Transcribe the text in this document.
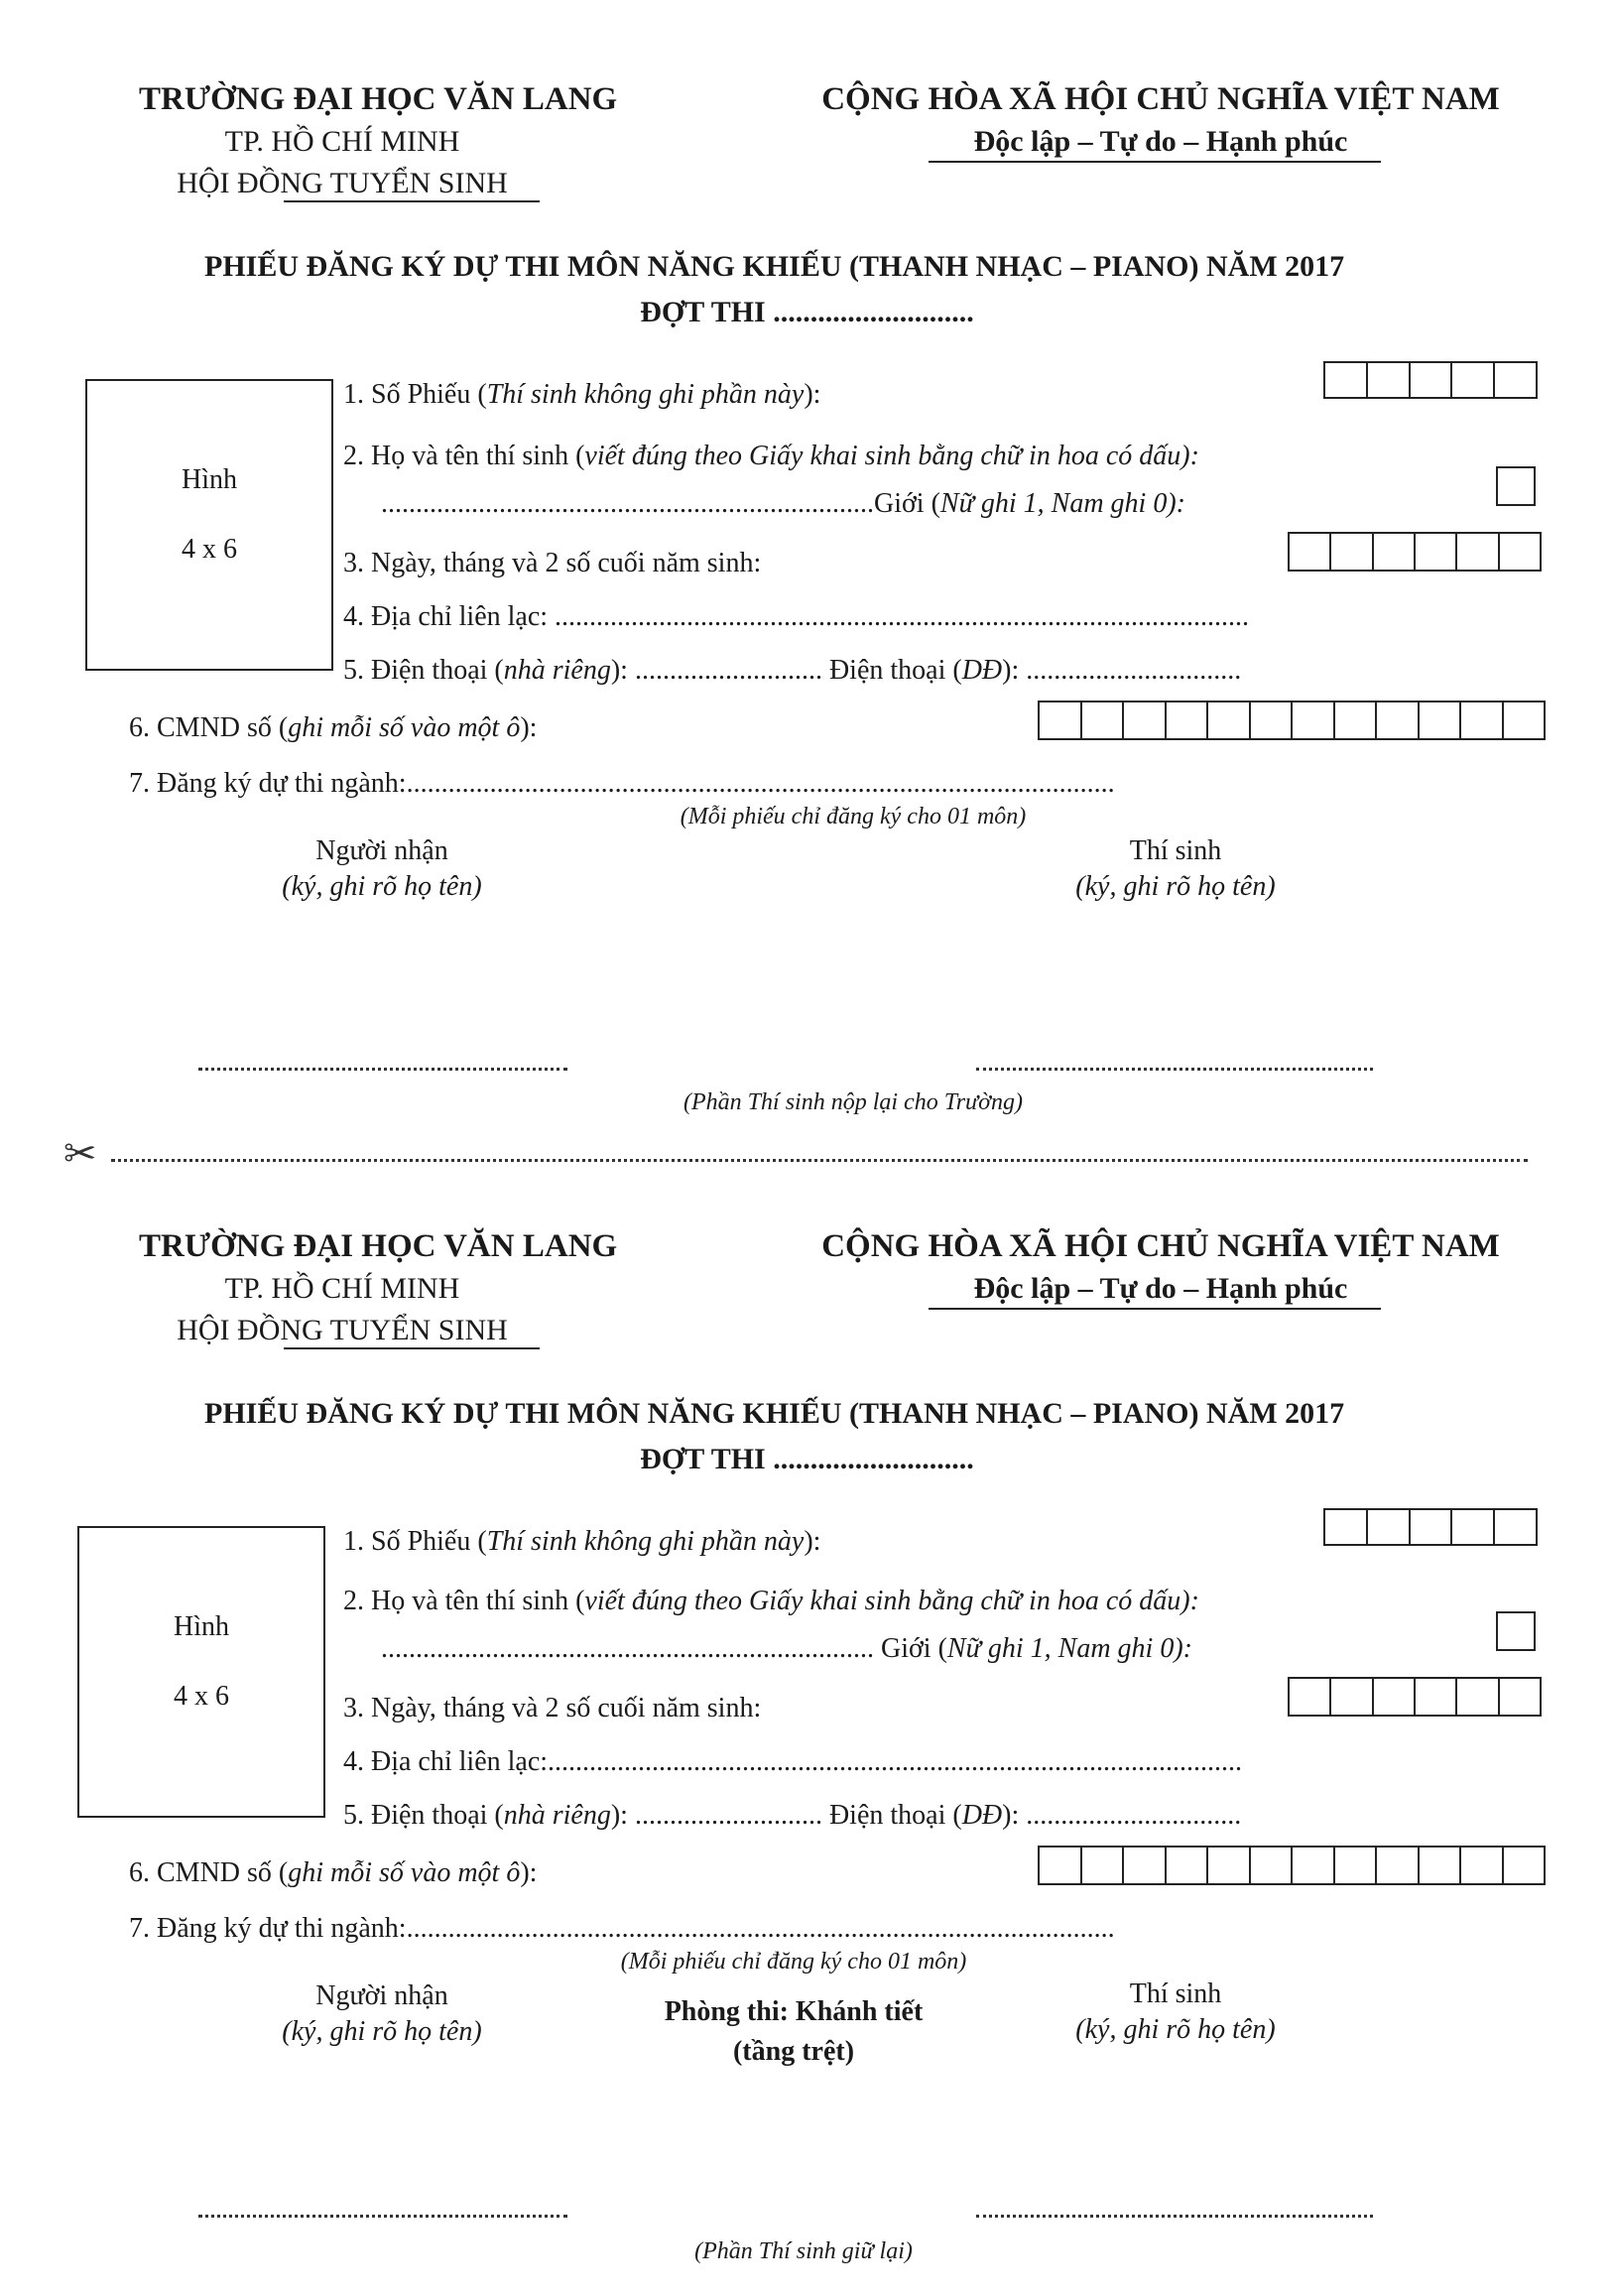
TRƯỜNG ĐẠI HỌC VĂN LANG
TP. HỒ CHÍ MINH
HỘI ĐỒNG TUYỂN SINH
CỘNG HÒA XÃ HỘI CHỦ NGHĨA VIỆT NAM
Độc lập – Tự do – Hạnh phúc
PHIẾU ĐĂNG KÝ DỰ THI MÔN NĂNG KHIẾU (THANH NHẠC – PIANO) NĂM 2017
ĐỢT THI ...........................
Hình
4 x 6
1. Số Phiếu (Thí sinh không ghi phần này):
2. Họ và tên thí sinh (viết đúng theo Giấy khai sinh bằng chữ in hoa có dấu):
.......................................................................Giới (Nữ ghi 1, Nam ghi 0):
3. Ngày, tháng và 2 số cuối năm sinh:
4. Địa chỉ liên lạc: ....................................................................................................
5. Điện thoại (nhà riêng): ........................... Điện thoại (DĐ): ...............................
6. CMND số (ghi mỗi số vào một ô):
7. Đăng ký dự thi ngành:......................................................................................................
(Mỗi phiếu chỉ đăng ký cho 01 môn)
Người nhận
(ký, ghi rõ họ tên)
Thí sinh
(ký, ghi rõ họ tên)
(Phần Thí sinh nộp lại cho Trường)
✂
TRƯỜNG ĐẠI HỌC VĂN LANG
TP. HỒ CHÍ MINH
HỘI ĐỒNG TUYỂN SINH
CỘNG HÒA XÃ HỘI CHỦ NGHĨA VIỆT NAM
Độc lập – Tự do – Hạnh phúc
PHIẾU ĐĂNG KÝ DỰ THI MÔN NĂNG KHIẾU (THANH NHẠC – PIANO) NĂM 2017
ĐỢT THI ...........................
Hình
4 x 6
1. Số Phiếu (Thí sinh không ghi phần này):
2. Họ và tên thí sinh (viết đúng theo Giấy khai sinh bằng chữ in hoa có dấu):
....................................................................... Giới (Nữ ghi 1, Nam ghi 0):
3. Ngày, tháng và 2 số cuối năm sinh:
4. Địa chỉ liên lạc:....................................................................................................
5. Điện thoại (nhà riêng): ........................... Điện thoại (DĐ): ...............................
6. CMND số (ghi mỗi số vào một ô):
7. Đăng ký dự thi ngành:......................................................................................................
(Mỗi phiếu chỉ đăng ký cho 01 môn)
Người nhận
(ký, ghi rõ họ tên)
Phòng thi: Khánh tiết
(tầng trệt)
Thí sinh
(ký, ghi rõ họ tên)
(Phần Thí sinh giữ lại)
